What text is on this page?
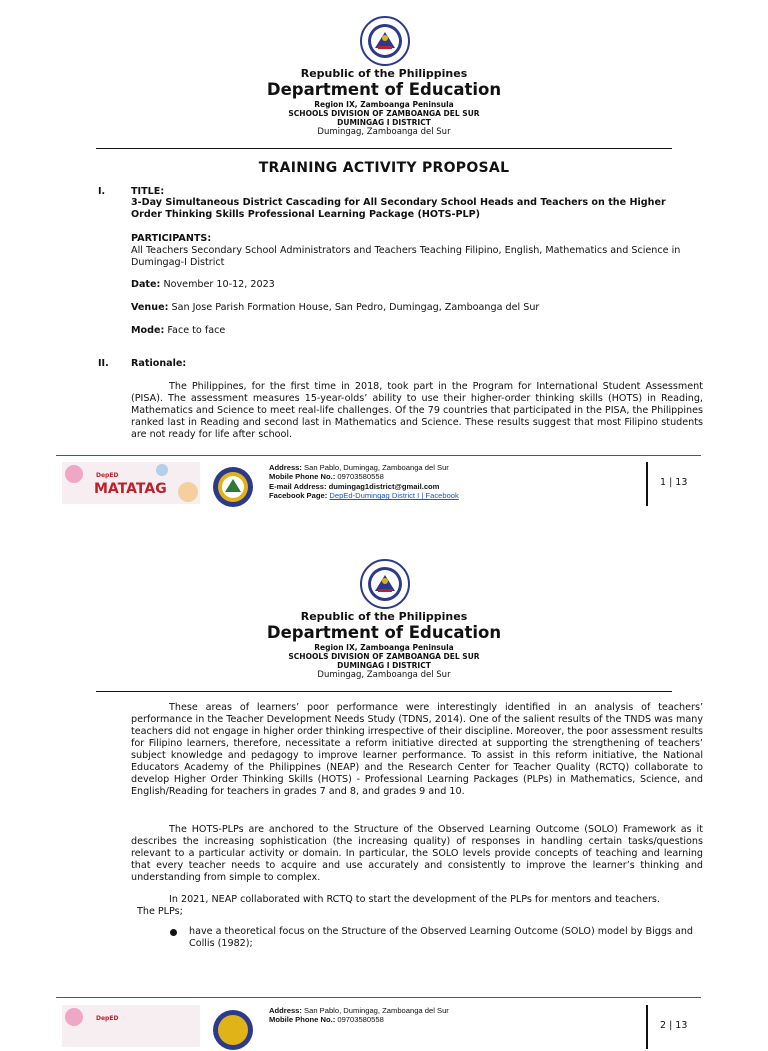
Republic of the Philippines
Department of Education
Region IX, Zamboanga Peninsula
SCHOOLS DIVISION OF ZAMBOANGA DEL SUR
DUMINGAG I DISTRICT
Dumingag, Zamboanga del Sur
TRAINING ACTIVITY PROPOSAL
I.	TITLE:
3-Day Simultaneous District Cascading for All Secondary School Heads and Teachers on the Higher
Order Thinking Skills Professional Learning Package (HOTS-PLP)
PARTICIPANTS:
All Teachers Secondary School Administrators and Teachers Teaching Filipino, English, Mathematics and Science in Dumingag-I District
Date: November 10-12, 2023
Venue: San Jose Parish Formation House, San Pedro, Dumingag, Zamboanga del Sur
Mode: Face to face
II. Rationale:
The Philippines, for the first time in 2018, took part in the Program for International Student Assessment (PISA). The assessment measures 15-year-olds’ ability to use their higher-order thinking skills (HOTS) in Reading, Mathematics and Science to meet real-life challenges. Of the 79 countries that participated in the PISA, the Philippines ranked last in Reading and second last in Mathematics and Science. These results suggest that most Filipino students are not ready for life after school.
DepED
MATATAG
Address: San Pablo, Dumingag, Zamboanga del Sur
Mobile Phone No.: 09703580558
E-mail Address: dumingag1district@gmail.com
Facebook Page: DepEd-Dumingag District I | Facebook
1 | 13
Republic of the Philippines
Department of Education
Region IX, Zamboanga Peninsula
SCHOOLS DIVISION OF ZAMBOANGA DEL SUR
DUMINGAG I DISTRICT
Dumingag, Zamboanga del Sur
These areas of learners’ poor performance were interestingly identified in an analysis of teachers’ performance in the Teacher Development Needs Study (TDNS, 2014). One of the salient results of the TNDS was many teachers did not engage in higher order thinking irrespective of their discipline. Moreover, the poor assessment results for Filipino learners, therefore, necessitate a reform initiative directed at supporting the strengthening of teachers’ subject knowledge and pedagogy to improve learner performance. To assist in this reform initiative, the National Educators Academy of the Philippines (NEAP) and the Research Center for Teacher Quality (RCTQ) collaborate to develop Higher Order Thinking Skills (HOTS) - Professional Learning Packages (PLPs) in Mathematics, Science, and English/Reading for teachers in grades 7 and 8, and grades 9 and 10.
The HOTS-PLPs are anchored to the Structure of the Observed Learning Outcome (SOLO) Framework as it describes the increasing sophistication (the increasing quality) of responses in handling certain tasks/questions relevant to a particular activity or domain. In particular, the SOLO levels provide concepts of teaching and learning that every teacher needs to acquire and use accurately and consistently to improve the learner’s thinking and understanding from simple to complex.
In 2021, NEAP collaborated with RCTQ to start the development of the PLPs for mentors and teachers.
The PLPs;
have a theoretical focus on the Structure of the Observed Learning Outcome (SOLO) model by Biggs and Collis (1982);
DepED
Address: San Pablo, Dumingag, Zamboanga del Sur
Mobile Phone No.: 09703580558
2 | 13
